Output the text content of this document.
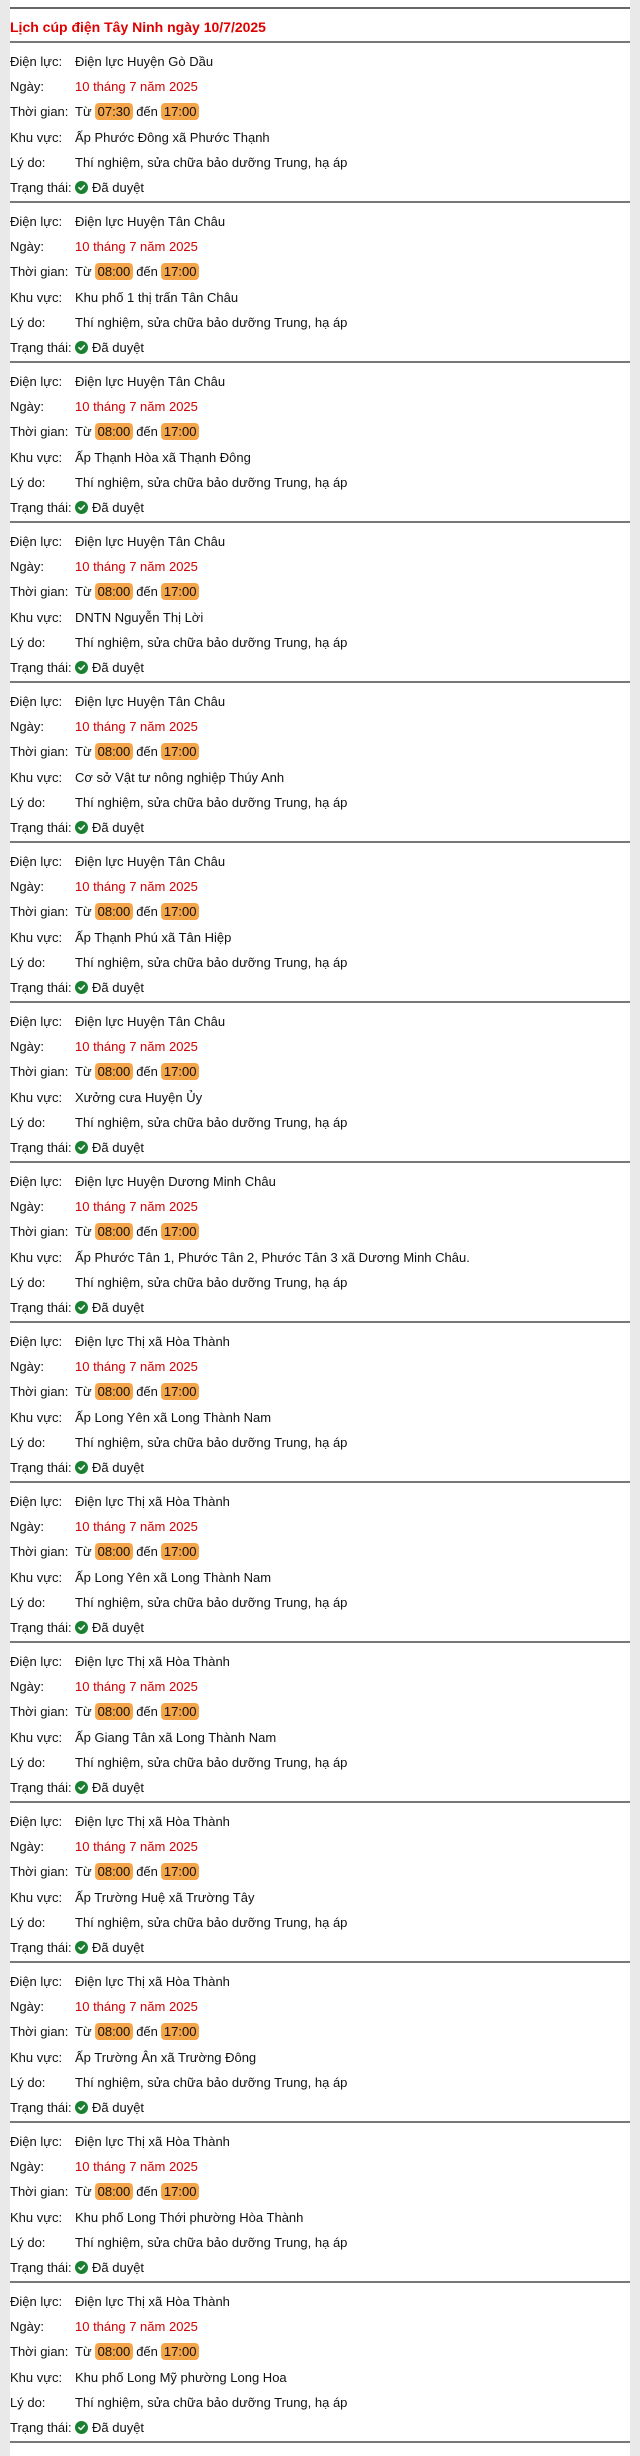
Lịch cúp điện Tây Ninh ngày 10/7/2025
Điện lực: Điện lực Huyện Gò Dầu
Ngày:	10 tháng 7 năm 2025
Thời gian: Từ 07:30 đến 17:00
Khu vực: Ấp Phước Đông xã Phước Thạnh
Lý do:	Thí nghiệm, sửa chữa bảo dưỡng Trung, hạ áp
Trạng thái: Đã duyệt
Điện lực: Điện lực Huyện Tân Châu
Ngày:	10 tháng 7 năm 2025
Thời gian: Từ 08:00 đến 17:00
Khu vực: Khu phố 1 thị trấn Tân Châu
Lý do:	Thí nghiệm, sửa chữa bảo dưỡng Trung, hạ áp
Trạng thái: Đã duyệt
Điện lực: Điện lực Huyện Tân Châu
Ngày:	10 tháng 7 năm 2025
Thời gian: Từ 08:00 đến 17:00
Khu vực: Ấp Thạnh Hòa xã Thạnh Đông
Lý do:	Thí nghiệm, sửa chữa bảo dưỡng Trung, hạ áp
Trạng thái: Đã duyệt
Điện lực: Điện lực Huyện Tân Châu
Ngày:	10 tháng 7 năm 2025
Thời gian: Từ 08:00 đến 17:00
Khu vực: DNTN Nguyễn Thị Lời
Lý do:	Thí nghiệm, sửa chữa bảo dưỡng Trung, hạ áp
Trạng thái: Đã duyệt
Điện lực: Điện lực Huyện Tân Châu
Ngày:	10 tháng 7 năm 2025
Thời gian: Từ 08:00 đến 17:00
Khu vực: Cơ sở Vật tư nông nghiệp Thúy Anh
Lý do:	Thí nghiệm, sửa chữa bảo dưỡng Trung, hạ áp
Trạng thái: Đã duyệt
Điện lực: Điện lực Huyện Tân Châu
Ngày:	10 tháng 7 năm 2025
Thời gian: Từ 08:00 đến 17:00
Khu vực: Ấp Thạnh Phú xã Tân Hiệp
Lý do:	Thí nghiệm, sửa chữa bảo dưỡng Trung, hạ áp
Trạng thái: Đã duyệt
Điện lực: Điện lực Huyện Tân Châu
Ngày:	10 tháng 7 năm 2025
Thời gian: Từ 08:00 đến 17:00
Khu vực: Xưởng cưa Huyện Ủy
Lý do:	Thí nghiệm, sửa chữa bảo dưỡng Trung, hạ áp
Trạng thái: Đã duyệt
Điện lực: Điện lực Huyện Dương Minh Châu
Ngày:	10 tháng 7 năm 2025
Thời gian: Từ 08:00 đến 17:00
Khu vực: Ấp Phước Tân 1, Phước Tân 2, Phước Tân 3 xã Dương Minh Châu.
Lý do:	Thí nghiệm, sửa chữa bảo dưỡng Trung, hạ áp
Trạng thái: Đã duyệt
Điện lực: Điện lực Thị xã Hòa Thành
Ngày:	10 tháng 7 năm 2025
Thời gian: Từ 08:00 đến 17:00
Khu vực: Ấp Long Yên xã Long Thành Nam
Lý do:	Thí nghiệm, sửa chữa bảo dưỡng Trung, hạ áp
Trạng thái: Đã duyệt
Điện lực: Điện lực Thị xã Hòa Thành
Ngày:	10 tháng 7 năm 2025
Thời gian: Từ 08:00 đến 17:00
Khu vực: Ấp Long Yên xã Long Thành Nam
Lý do:	Thí nghiệm, sửa chữa bảo dưỡng Trung, hạ áp
Trạng thái: Đã duyệt
Điện lực: Điện lực Thị xã Hòa Thành
Ngày:	10 tháng 7 năm 2025
Thời gian: Từ 08:00 đến 17:00
Khu vực: Ấp Giang Tân xã Long Thành Nam
Lý do:	Thí nghiệm, sửa chữa bảo dưỡng Trung, hạ áp
Trạng thái: Đã duyệt
Điện lực: Điện lực Thị xã Hòa Thành
Ngày:	10 tháng 7 năm 2025
Thời gian: Từ 08:00 đến 17:00
Khu vực: Ấp Trường Huệ xã Trường Tây
Lý do:	Thí nghiệm, sửa chữa bảo dưỡng Trung, hạ áp
Trạng thái: Đã duyệt
Điện lực: Điện lực Thị xã Hòa Thành
Ngày:	10 tháng 7 năm 2025
Thời gian: Từ 08:00 đến 17:00
Khu vực: Ấp Trường Ân xã Trường Đông
Lý do:	Thí nghiệm, sửa chữa bảo dưỡng Trung, hạ áp
Trạng thái: Đã duyệt
Điện lực: Điện lực Thị xã Hòa Thành
Ngày:	10 tháng 7 năm 2025
Thời gian: Từ 08:00 đến 17:00
Khu vực: Khu phố Long Thới phường Hòa Thành
Lý do:	Thí nghiệm, sửa chữa bảo dưỡng Trung, hạ áp
Trạng thái: Đã duyệt
Điện lực: Điện lực Thị xã Hòa Thành
Ngày:	10 tháng 7 năm 2025
Thời gian: Từ 08:00 đến 17:00
Khu vực: Khu phố Long Mỹ phường Long Hoa
Lý do:	Thí nghiệm, sửa chữa bảo dưỡng Trung, hạ áp
Trạng thái: Đã duyệt
